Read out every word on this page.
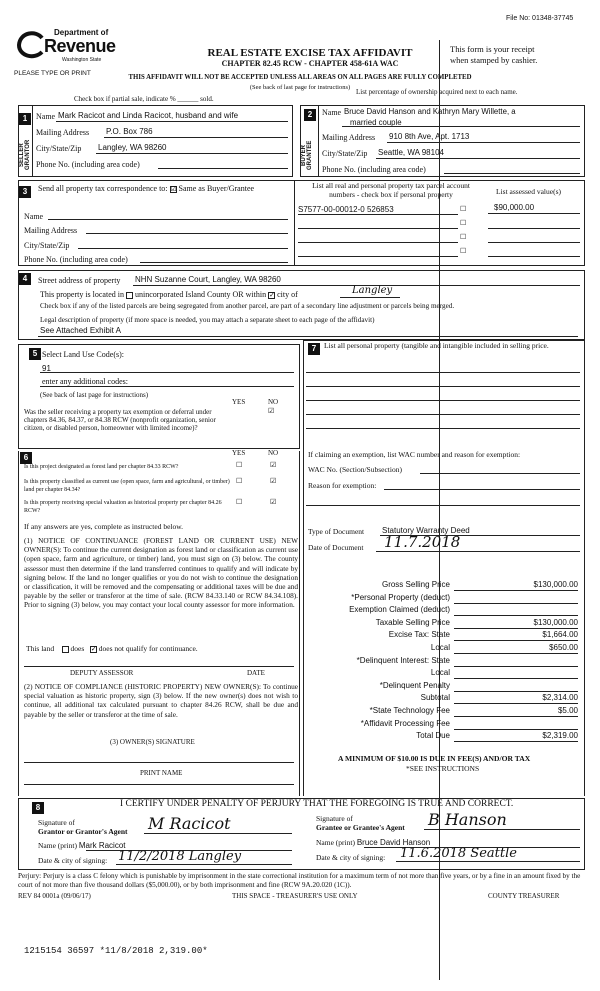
File No: 01348-37745
Department of
Revenue
Washington State
PLEASE TYPE OR PRINT
REAL ESTATE EXCISE TAX AFFIDAVIT
CHAPTER 82.45 RCW - CHAPTER 458-61A WAC
This form is your receipt
when stamped by cashier.
THIS AFFIDAVIT WILL NOT BE ACCEPTED UNLESS ALL AREAS ON ALL PAGES ARE FULLY COMPLETED
(See back of last page for instructions)
Check box if partial sale, indicate % ______ sold.
List percentage of ownership acquired next to each name.
1
SELLER GRANTOR
Name Mark Racicot and Linda Racicot, husband and wife
Mailing Address P.O. Box 786
City/State/Zip Langley, WA 98260
Phone No. (including area code)
2
BUYER GRANTEE
Name Bruce David Hanson and Kathryn Mary Willette, a
married couple
Mailing Address 910 8th Ave, Apt. 1713
City/State/Zip Seattle, WA 98104
Phone No. (including area code)
3	Send all property tax correspondence to: ☑ Same as Buyer/Grantee	List all real and personal property tax parcel account
numbers - check box if personal property	List assessed value(s)
Name
Mailing Address
City/State/Zip
Phone No. (including area code)
S7577-00-00012-0 526853	$90,000.00
☐
☐
☐
☐
4	Street address of property NHN Suzanne Court, Langley, WA 98260
This property is located in unincorporated Island County OR within ✓ city of	Langley
Check box if any of the listed parcels are being segregated from another parcel, are part of a secondary line adjustment or parcels being merged.
Legal description of property (if more space is needed, you may attach a separate sheet to each page of the affidavit)
See Attached Exhibit A
5 Select Land Use Code(s):
91
enter any additional codes:
(See back of last page for instructions)
YES	NO
Was the seller receiving a property tax exemption or deferral under chapters 84.36, 84.37, or 84.38 RCW (nonprofit organization, senior citizen, or disabled person, homeowner with limited income)?
☑
6	YES	NO
Is this project designated as forest land per chapter 84.33 RCW?	☐	☑
Is this property classified as current use (open space, farm and agricultural, or timber) land per chapter 84.34?
☐	☑
Is this property receiving special valuation as historical property per chapter 84.26 RCW?
☐	☑
If any answers are yes, complete as instructed below.
(1) NOTICE OF CONTINUANCE (FOREST LAND OR CURRENT USE) NEW OWNER(S): To continue the current designation as forest land or classification as current use (open space, farm and agriculture, or timber) land, you must sign on (3) below. The county assessor must then determine if the land transferred continues to qualify and will indicate by signing below. If the land no longer qualifies or you do not wish to continue the designation or classification, it will be removed and the compensating or additional taxes will be due and payable by the seller or transferor at the time of sale. (RCW 84.33.140 or RCW 84.34.108). Prior to signing (3) below, you may contact your local county assessor for more information.
This land does ✓ does not qualify for continuance.
DEPUTY ASSESSOR	DATE
(2) NOTICE OF COMPLIANCE (HISTORIC PROPERTY) NEW OWNER(S): To continue special valuation as historic property, sign (3) below. If the new owner(s) does not wish to continue, all additional tax calculated pursuant to chapter 84.26 RCW, shall be due and payable by the seller or transferor at the time of sale.
(3) OWNER(S) SIGNATURE
PRINT NAME
7	List all personal property (tangible and intangible included in selling price.
If claiming an exemption, list WAC number and reason for exemption:
WAC No. (Section/Subsection)
Reason for exemption:
Type of Document Statutory Warranty Deed
Date of Document 11.7.2018
Gross Selling Price	$130,000.00
*Personal Property (deduct)
Exemption Claimed (deduct)
Taxable Selling Price	$130,000.00
Excise Tax: State	$1,664.00
Local	$650.00
*Delinquent Interest: State
Local
*Delinquent Penalty
Subtotal	$2,314.00
*State Technology Fee	$5.00
*Affidavit Processing Fee
Total Due	$2,319.00
A MINIMUM OF $10.00 IS DUE IN FEE(S) AND/OR TAX
*SEE INSTRUCTIONS
8	I CERTIFY UNDER PENALTY OF PERJURY THAT THE FOREGOING IS TRUE AND CORRECT.
Signature of
Grantor or Grantor's Agent M Racicot
Name (print) Mark Racicot
Date & city of signing: 11/2/2018 Langley
Signature of
Grantee or Grantee's Agent B Hanson
Name (print) Bruce David Hanson
Date & city of signing: 11.6.2018 Seattle
Perjury: Perjury is a class C felony which is punishable by imprisonment in the state correctional institution for a maximum term of not more than five years, or by a fine in an amount fixed by the court of not more than five thousand dollars ($5,000.00), or by both imprisonment and fine (RCW 9A.20.020 (1C)).
REV 84 0001a (09/06/17)	THIS SPACE - TREASURER'S USE ONLY	COUNTY TREASURER
1215154 36597 *11/8/2018 2,319.00*
